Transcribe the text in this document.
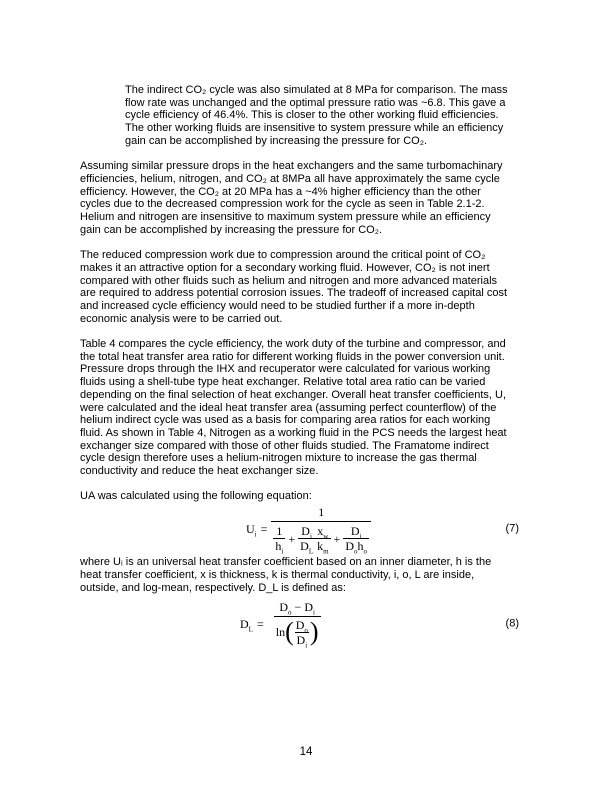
The indirect CO₂ cycle was also simulated at 8 MPa for comparison. The mass
flow rate was unchanged and the optimal pressure ratio was ~6.8. This gave a
cycle efficiency of 46.4%. This is closer to the other working fluid efficiencies.
The other working fluids are insensitive to system pressure while an efficiency
gain can be accomplished by increasing the pressure for CO₂.
Assuming similar pressure drops in the heat exchangers and the same turbomachinary
efficiencies, helium, nitrogen, and CO₂ at 8MPa all have approximately the same cycle
efficiency. However, the CO₂ at 20 MPa has a ~4% higher efficiency than the other
cycles due to the decreased compression work for the cycle as seen in Table 2.1-2.
Helium and nitrogen are insensitive to maximum system pressure while an efficiency
gain can be accomplished by increasing the pressure for CO₂.
The reduced compression work due to compression around the critical point of CO₂
makes it an attractive option for a secondary working fluid. However, CO₂ is not inert
compared with other fluids such as helium and nitrogen and more advanced materials
are required to address potential corrosion issues. The tradeoff of increased capital cost
and increased cycle efficiency would need to be studied further if a more in-depth
economic analysis were to be carried out.
Table 4 compares the cycle efficiency, the work duty of the turbine and compressor, and
the total heat transfer area ratio for different working fluids in the power conversion unit.
Pressure drops through the IHX and recuperator were calculated for various working
fluids using a shell-tube type heat exchanger. Relative total area ratio can be varied
depending on the final selection of heat exchanger. Overall heat transfer coefficients, U,
were calculated and the ideal heat transfer area (assuming perfect counterflow) of the
helium indirect cycle was used as a basis for comparing area ratios for each working
fluid. As shown in Table 4, Nitrogen as a working fluid in the PCS needs the largest heat
exchanger size compared with those of other fluids studied. The Framatome indirect
cycle design therefore uses a helium-nitrogen mixture to increase the gas thermal
conductivity and reduce the heat exchanger size.
UA was calculated using the following equation:
$U_i$ =
1
$\frac{1}{h_i} + \frac{D_i}{D_L} \frac{x_w}{k_m} + \frac{D_i}{D_oh_o}$	(7)
where Uᵢ is an universal heat transfer coefficient based on an inner diameter, h is the
heat transfer coefficient, x is thickness, k is thermal conductivity, i, o, L are inside,
outside, and log-mean, respectively. D_L is defined as:
$D_L = \frac{D_o - D_i}{\ln ( \frac{D_o}{D_i} )}$	(8)
14
